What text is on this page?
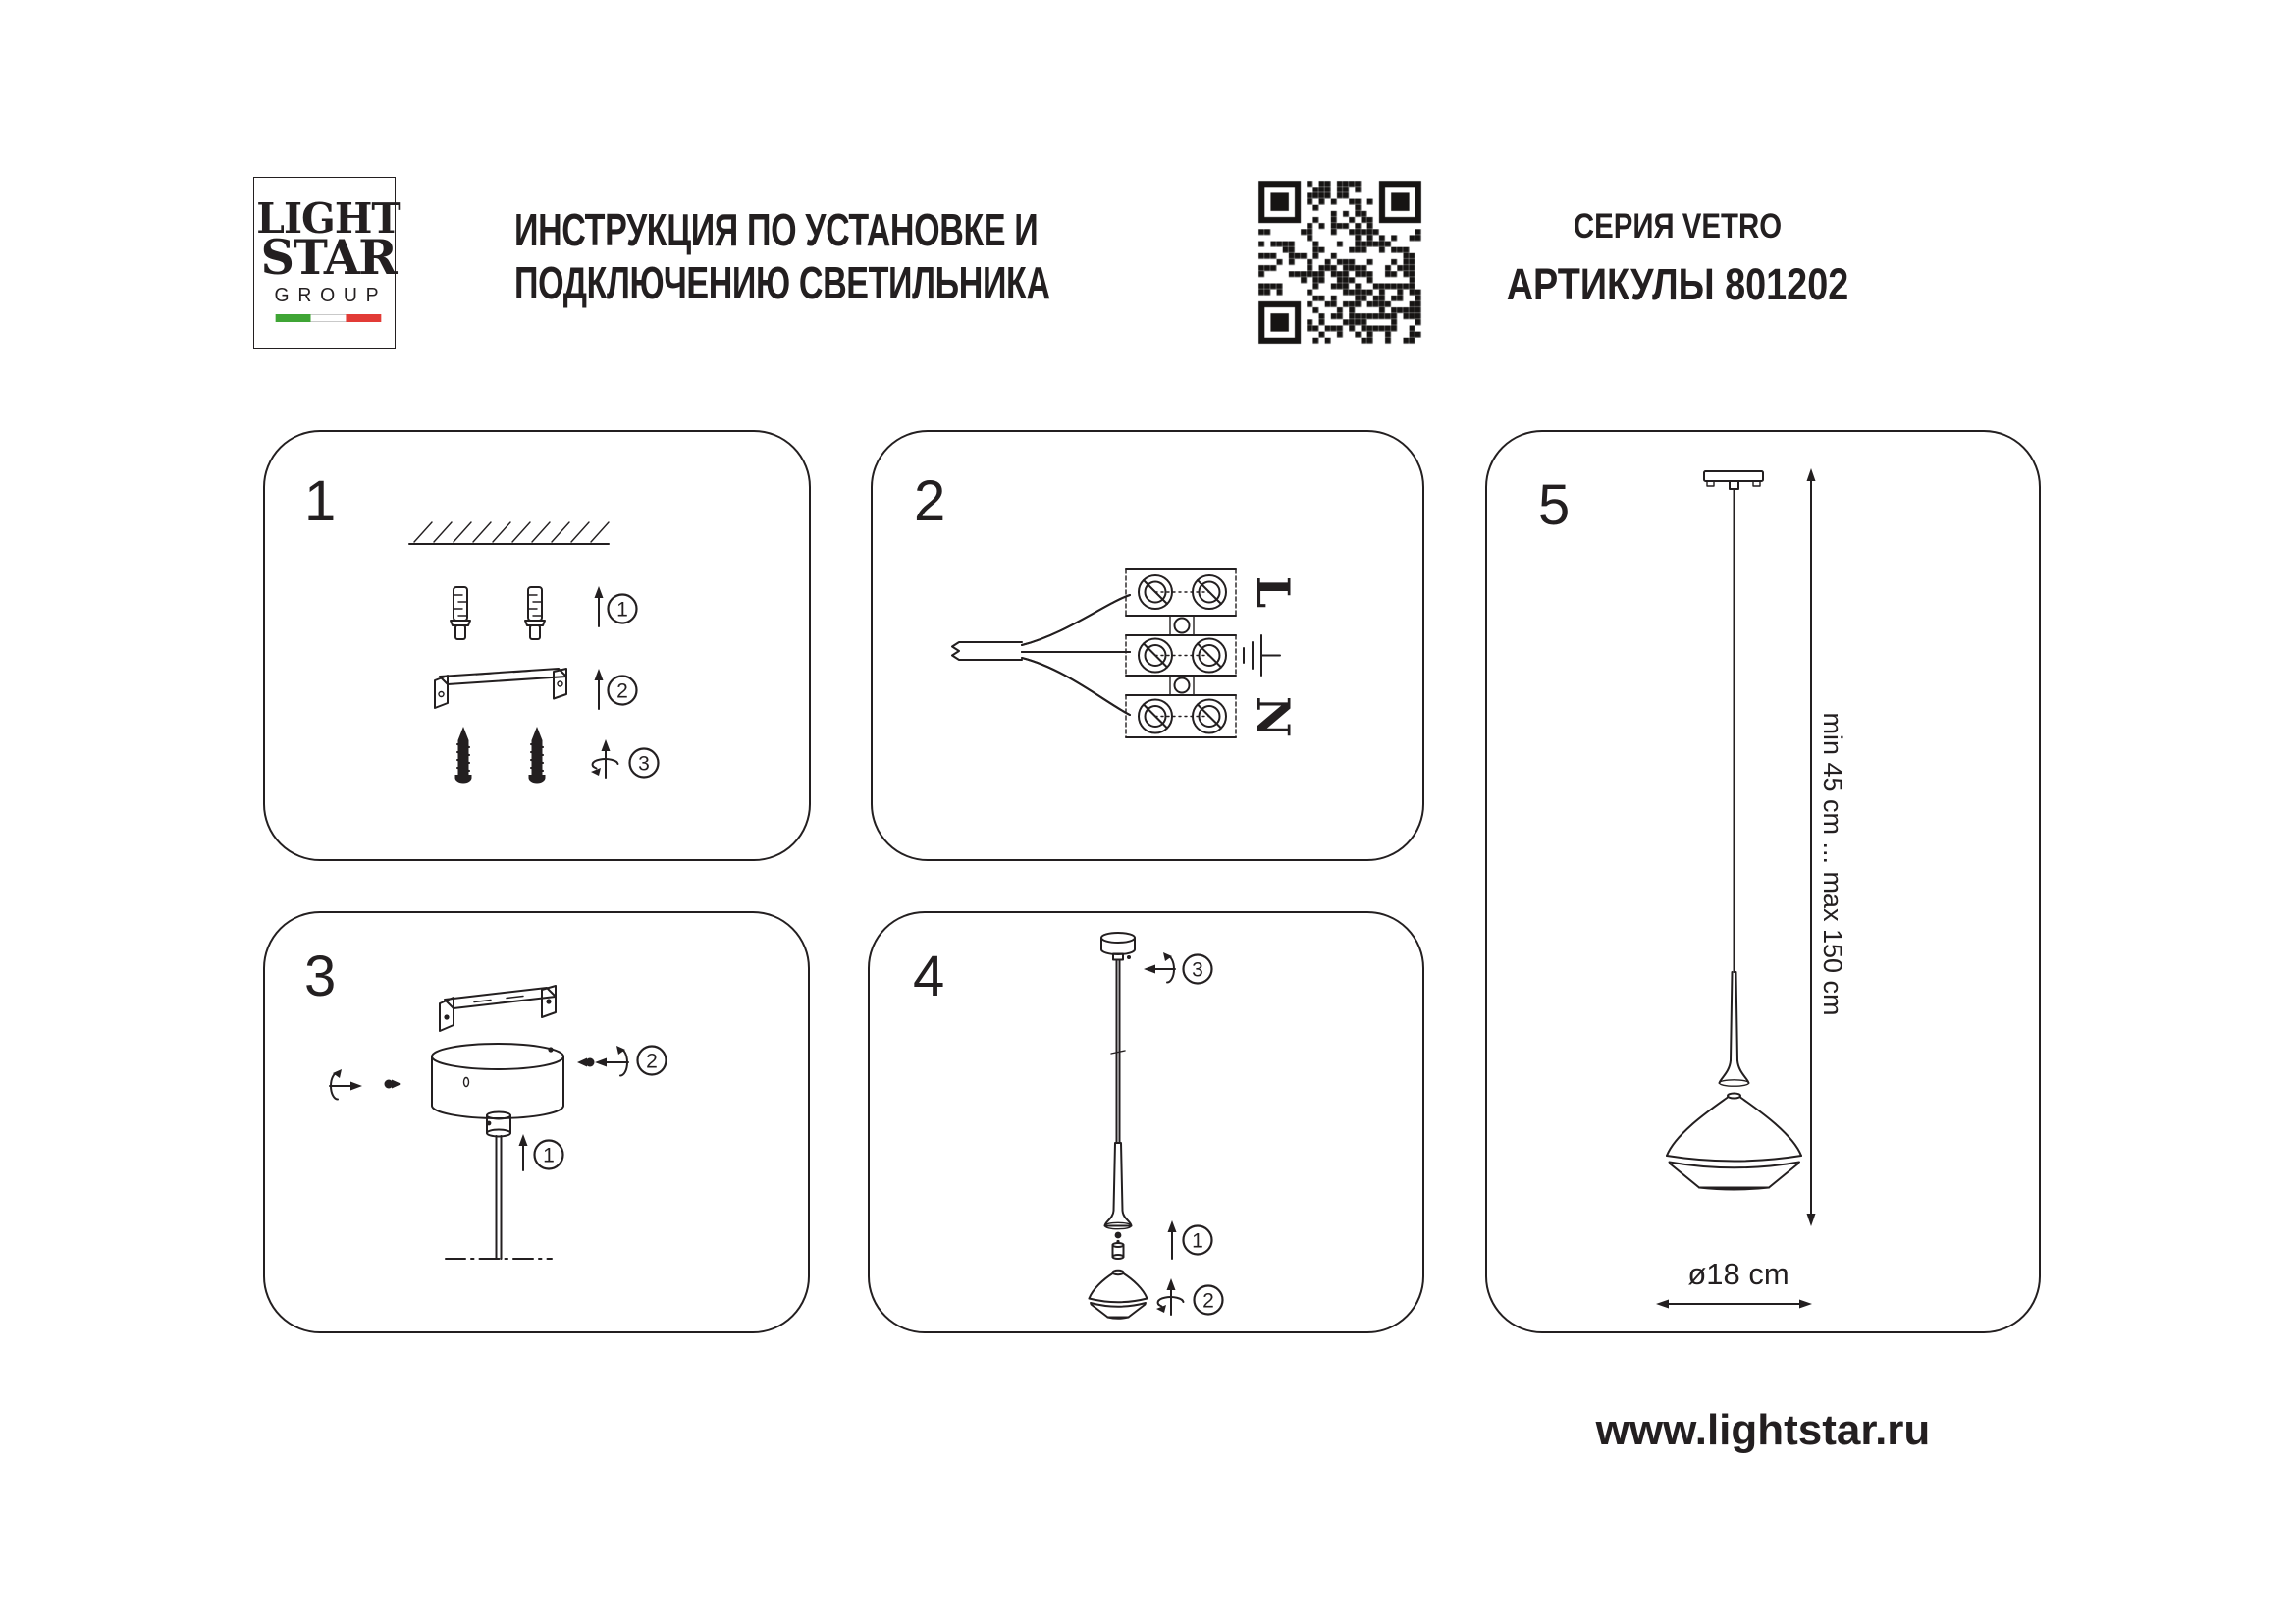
LIGHT
STAR
GROUP
ИНСТРУКЦИЯ ПО УСТАНОВКЕ И
ПОДКЛЮЧЕНИЮ СВЕТИЛЬНИКА
СЕРИЯ VETRO
АРТИКУЛЫ 801202
1
1
2
3
2
L
N
3
1
2
4	3
1
2
5
min 45 cm ... max 150 cm
ø18 cm
www.lightstar.ru
